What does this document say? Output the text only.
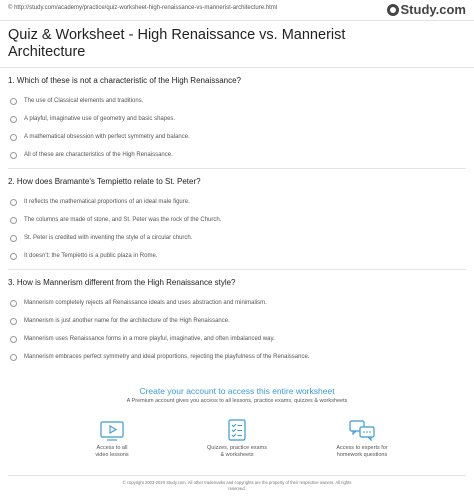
© http://study.com/academy/practice/quiz-worksheet-high-renaissance-vs-mannerist-architecture.html	Study.com
Quiz & Worksheet - High Renaissance vs. Mannerist
Architecture
1. Which of these is not a characteristic of the High Renaissance?
The use of Classical elements and traditions.
A playful, imaginative use of geometry and basic shapes.
A mathematical obsession with perfect symmetry and balance.
All of these are characteristics of the High Renaissance.
2. How does Bramante's Tempietto relate to St. Peter?
It reflects the mathematical proportions of an ideal male figure.
The columns are made of stone, and St. Peter was the rock of the Church.
St. Peter is credited with inventing the style of a circular church.
It doesn't; the Tempietto is a public plaza in Rome.
3. How is Mannerism different from the High Renaissance style?
Mannerism completely rejects all Renaissance ideals and uses abstraction and minimalism.
Mannerism is just another name for the architecture of the High Renaissance.
Mannerism uses Renaissance forms in a more playful, imaginative, and often imbalanced way.
Mannerism embraces perfect symmetry and ideal proportions, rejecting the playfulness of the Renaissance.
Create your account to access this entire worksheet
A Premium account gives you access to all lessons, practice exams, quizzes & worksheets
Access to all
video lessons
Quizzes, practice exams
& worksheets
Access to experts for
homework questions
© copyright 2003-2020 Study.com. All other trademarks and copyrights are the property of their respective owners. All rights
reserved.
